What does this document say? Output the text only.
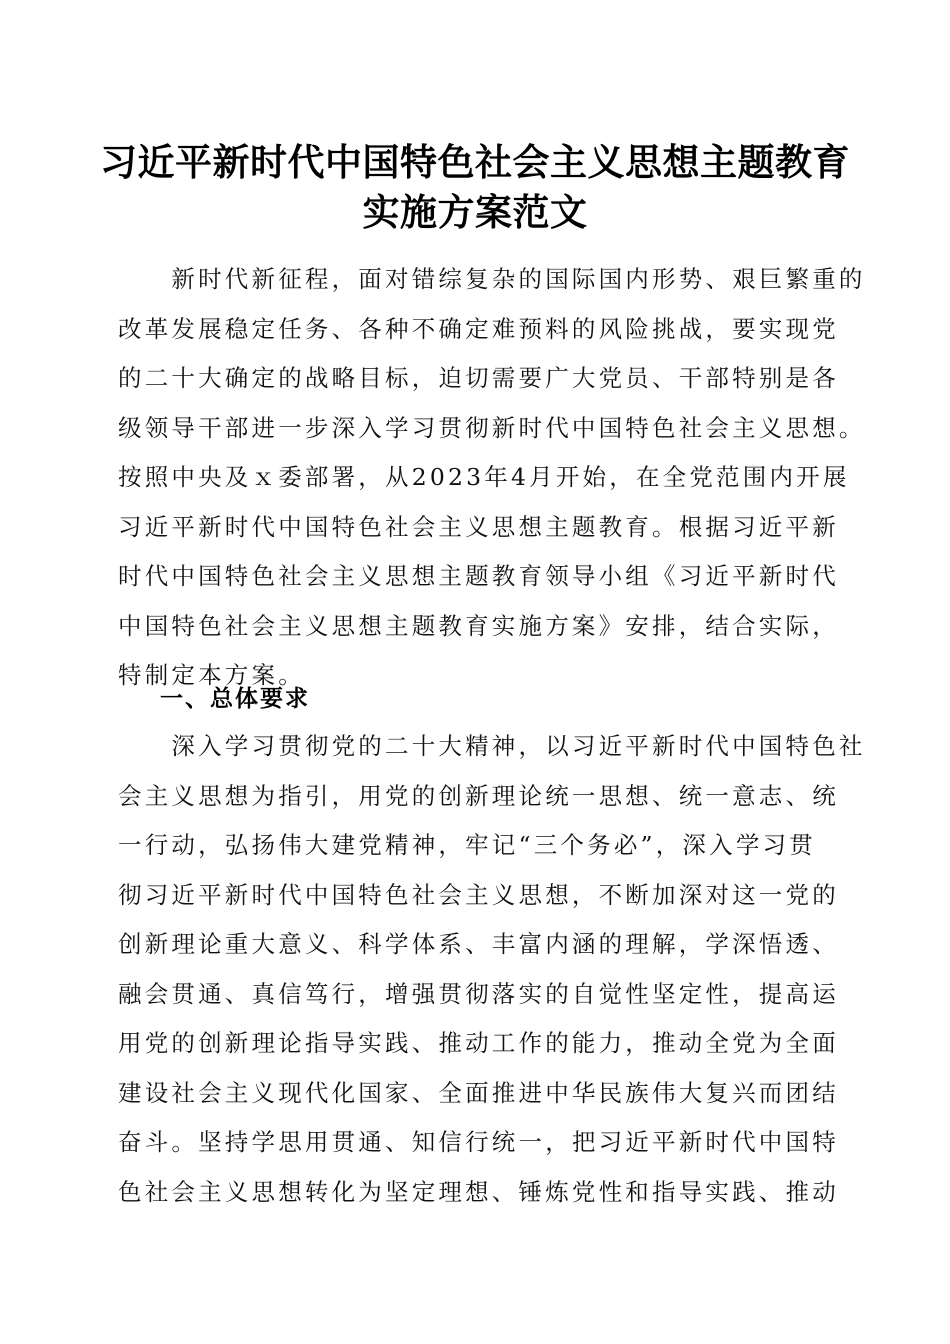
习近平新时代中国特色社会主义思想主题教育
实施方案范文
　　新时代新征程，面对错综复杂的国际国内形势、艰巨繁重的
改革发展稳定任务、各种不确定难预料的风险挑战，要实现党
的二十大确定的战略目标，迫切需要广大党员、干部特别是各
级领导干部进一步深入学习贯彻新时代中国特色社会主义思想。
按照中央及ｘ委部署，从2023年4月开始，在全党范围内开展
习近平新时代中国特色社会主义思想主题教育。根据习近平新
时代中国特色社会主义思想主题教育领导小组《习近平新时代
中国特色社会主义思想主题教育实施方案》安排，结合实际，
特制定本方案。
一、总体要求
　　深入学习贯彻党的二十大精神，以习近平新时代中国特色社
会主义思想为指引，用党的创新理论统一思想、统一意志、统
一行动，弘扬伟大建党精神，牢记“三个务必”，深入学习贯
彻习近平新时代中国特色社会主义思想，不断加深对这一党的
创新理论重大意义、科学体系、丰富内涵的理解，学深悟透、
融会贯通、真信笃行，增强贯彻落实的自觉性坚定性，提高运
用党的创新理论指导实践、推动工作的能力，推动全党为全面
建设社会主义现代化国家、全面推进中华民族伟大复兴而团结
奋斗。坚持学思用贯通、知信行统一，把习近平新时代中国特
色社会主义思想转化为坚定理想、锤炼党性和指导实践、推动
